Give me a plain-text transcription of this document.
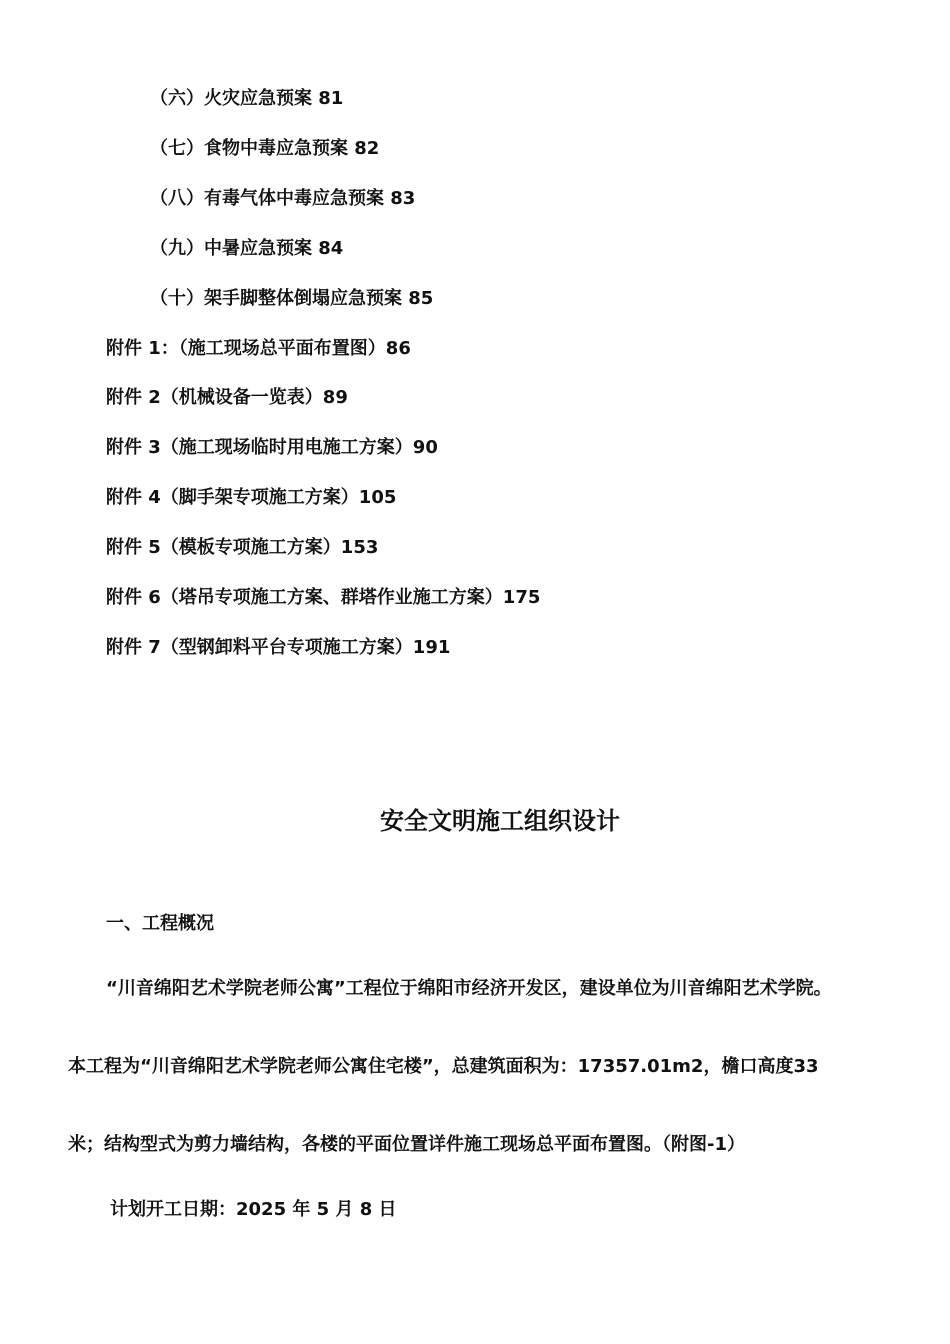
（六）火灾应急预案 81
（七）食物中毒应急预案 82
（八）有毒气体中毒应急预案 83
（九）中暑应急预案 84
（十）架手脚整体倒塌应急预案 85
附件 1：（施工现场总平面布置图）86
附件 2（机械设备一览表）89
附件 3（施工现场临时用电施工方案）90
附件 4（脚手架专项施工方案）105
附件 5（模板专项施工方案）153
附件 6（塔吊专项施工方案、群塔作业施工方案）175
附件 7（型钢卸料平台专项施工方案）191
安全文明施工组织设计
一、工程概况
“川音绵阳艺术学院老师公寓”工程位于绵阳市经济开发区，建设单位为川音绵阳艺术学院。
本工程为“川音绵阳艺术学院老师公寓住宅楼”，总建筑面积为：17357.01m2，檐口高度33
米；结构型式为剪力墙结构，各楼的平面位置详件施工现场总平面布置图。（附图-1）
计划开工日期：2025 年 5 月 8 日
